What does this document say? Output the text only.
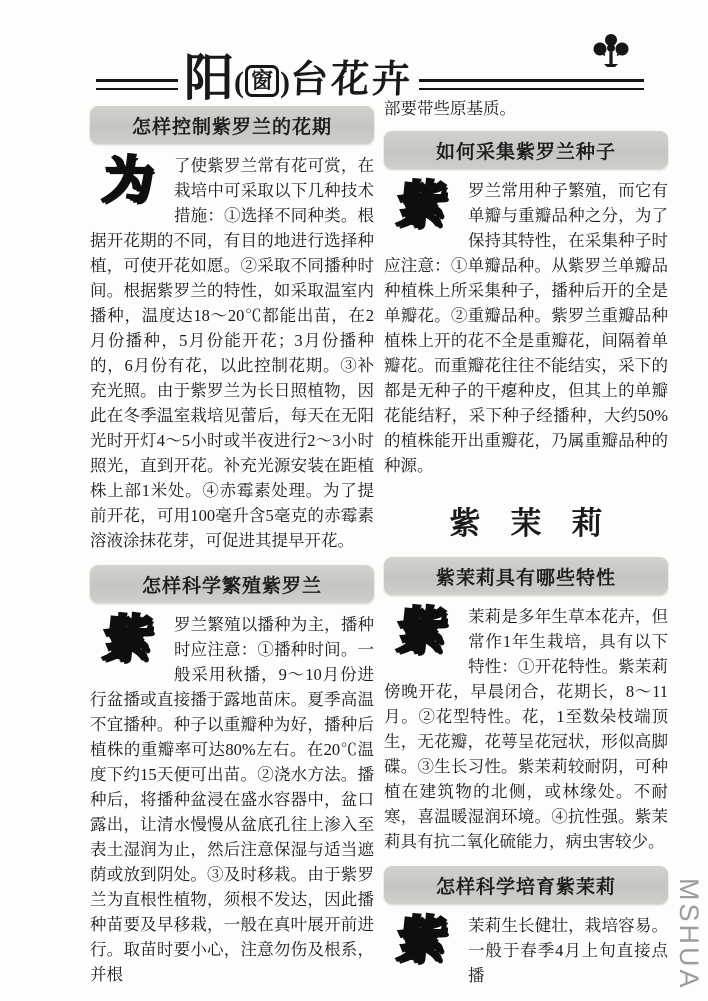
阳 ( 窗 ) 台花卉
怎样控制紫罗兰的花期
为	了使紫罗兰常有花可赏，在栽培中可采取以下几种技术措施：①选择不同种类。根据开花期的不同，有目的地进行选择种植，可使开花如愿。②采取不同播种时间。根据紫罗兰的特性，如采取温室内播种，温度达18～20℃都能出苗，在2月份播种，5月份能开花；3月份播种的，6月份有花，以此控制花期。③补充光照。由于紫罗兰为长日照植物，因此在冬季温室栽培见蕾后，每天在无阳光时开灯4～5小时或半夜进行2～3小时照光，直到开花。补充光源安装在距植株上部1米处。④赤霉素处理。为了提前开花，可用100毫升含5毫克的赤霉素溶液涂抹花芽，可促进其提早开花。
怎样科学繁殖紫罗兰
紫	罗兰繁殖以播种为主，播种时应注意：①播种时间。一般采用秋播，9～10月份进行盆播或直接播于露地苗床。夏季高温不宜播种。种子以重瓣种为好，播种后植株的重瓣率可达80%左右。在20℃温度下约15天便可出苗。②浇水方法。播种后，将播种盆浸在盛水容器中，盆口露出，让清水慢慢从盆底孔往上渗入至表土湿润为止，然后注意保湿与适当遮荫或放到阴处。③及时移栽。由于紫罗兰为直根性植物，须根不发达，因此播种苗要及早移栽，一般在真叶展开前进行。取苗时要小心，注意勿伤及根系，并根
部要带些原基质。
如何采集紫罗兰种子
紫	罗兰常用种子繁殖，而它有单瓣与重瓣品种之分，为了保持其特性，在采集种子时应注意：①单瓣品种。从紫罗兰单瓣品种植株上所采集种子，播种后开的全是单瓣花。②重瓣品种。紫罗兰重瓣品种植株上开的花不全是重瓣花，间隔着单瓣花。而重瓣花往往不能结实，采下的都是无种子的干瘪种皮，但其上的单瓣花能结籽，采下种子经播种，大约50%的植株能开出重瓣花，乃属重瓣品种的种源。
紫茉莉
紫茉莉具有哪些特性
紫	茉莉是多年生草本花卉，但常作1年生栽培，具有以下特性：①开花特性。紫茉莉傍晚开花，早晨闭合，花期长，8～11月。②花型特性。花，1至数朵枝端顶生，无花瓣，花萼呈花冠状，形似高脚碟。③生长习性。紫茉莉较耐阴，可种植在建筑物的北侧，或林缘处。不耐寒，喜温暖湿润环境。④抗性强。紫茉莉具有抗二氧化硫能力，病虫害较少。
怎样科学培育紫茉莉
紫	茉莉生长健壮，栽培容易。一般于春季4月上旬直接点播	MSHUA
